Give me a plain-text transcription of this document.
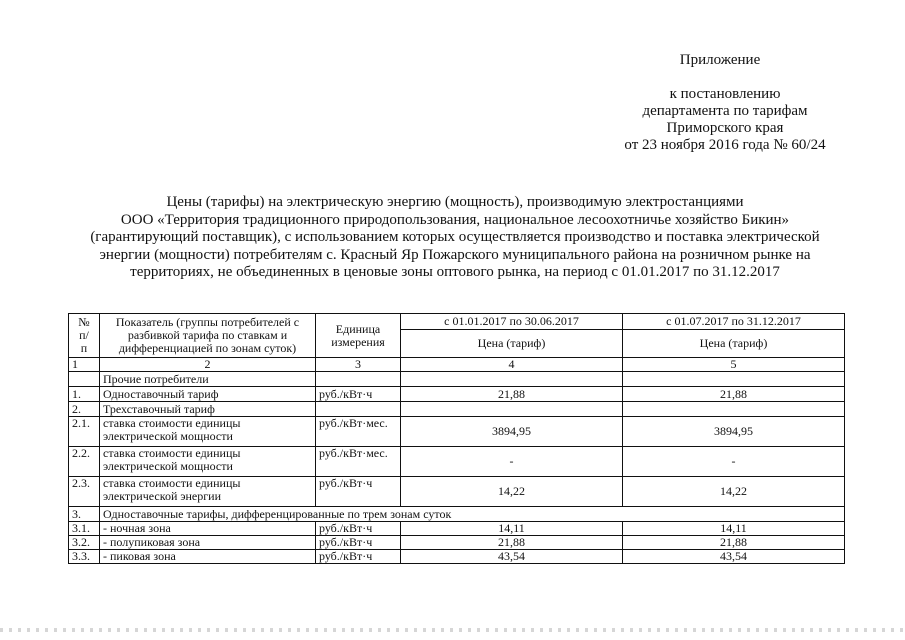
Приложение
к постановлению
департамента по тарифам
Приморского края
от 23 ноября 2016 года № 60/24
Цены (тарифы) на электрическую энергию (мощность), производимую электростанциями
ООО «Территория традиционного природопользования, национальное лесоохотничье хозяйство Бикин»
(гарантирующий поставщик), с использованием которых осуществляется производство и поставка электрической
энергии (мощности) потребителям с. Красный Яр Пожарского муниципального района на розничном рынке на
территориях, не объединенных в ценовые зоны оптового рынка, на период с 01.01.2017 по 31.12.2017
№ п/п	Показатель (группы потребителей с разбивкой тарифа по ставкам и дифференциацией по зонам суток)	Единица измерения	с 01.01.2017 по 30.06.2017	с 01.07.2017 по 31.12.2017
			Цена (тариф)	Цена (тариф)
1	2	3	4	5
	Прочие потребители			
1.	Одноставочный тариф	руб./кВт·ч	21,88	21,88
2.	Трехставочный тариф			
2.1.	ставка стоимости единицы электрической мощности	руб./кВт·мес.	3894,95	3894,95
2.2.	ставка стоимости единицы электрической мощности	руб./кВт·мес.	-	-
2.3.	ставка стоимости единицы электрической энергии	руб./кВт·ч	14,22	14,22
3.	Одноставочные тарифы, дифференцированные по трем зонам суток			
3.1.	- ночная зона	руб./кВт·ч	14,11	14,11
3.2.	- полупиковая зона	руб./кВт·ч	21,88	21,88
3.3.	- пиковая зона	руб./кВт·ч	43,54	43,54
